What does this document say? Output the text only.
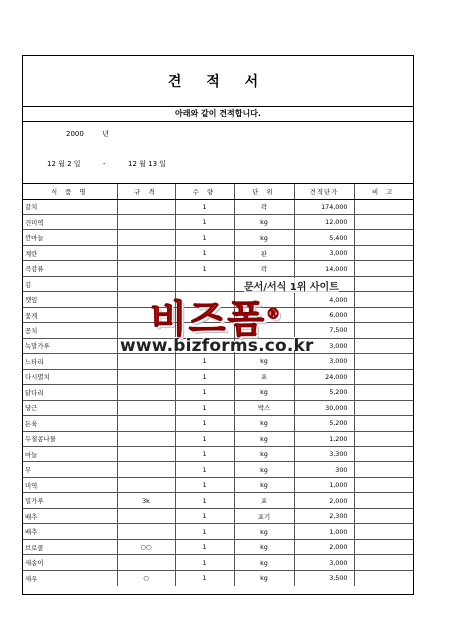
견 적 서
아래와 같이 견적합니다.
2000	년
12 월 2 일	-	12 월 13 일
식 품 명	규 격	수 량	단 위	견적단가	비 고
갈치		1	곽	174,000	
건미역		1	kg	12,000	
깐마늘		1	kg	5,400	
계란		1	판	3,000	
곡감류		1	곽	14,000	
김					
깻잎				4,000	
꽃게				6,000	
꽁치				7,500	
녹말가루				3,000	
느타리		1	kg	3,000	
다시멸치		1	포	24,000	
닭다리		1	kg	5,200	
당근		1	박스	30,000	
돈육		1	kg	5,200	
두절콩나물		1	kg	1,200	
마늘		1	kg	3,300	
무		1	kg	300	
미역		1	kg	1,000	
밀가루	3k	1	포	2,000	
배추		1	포기	2,300	
배추		1	kg	1,000	
브로콜	○○	1	kg	2,000	
새송이		1	kg	3,000	
새우	○	1	kg	3,500	
문서/서식 1위 사이트
비즈폼®
www.bizforms.co.kr
